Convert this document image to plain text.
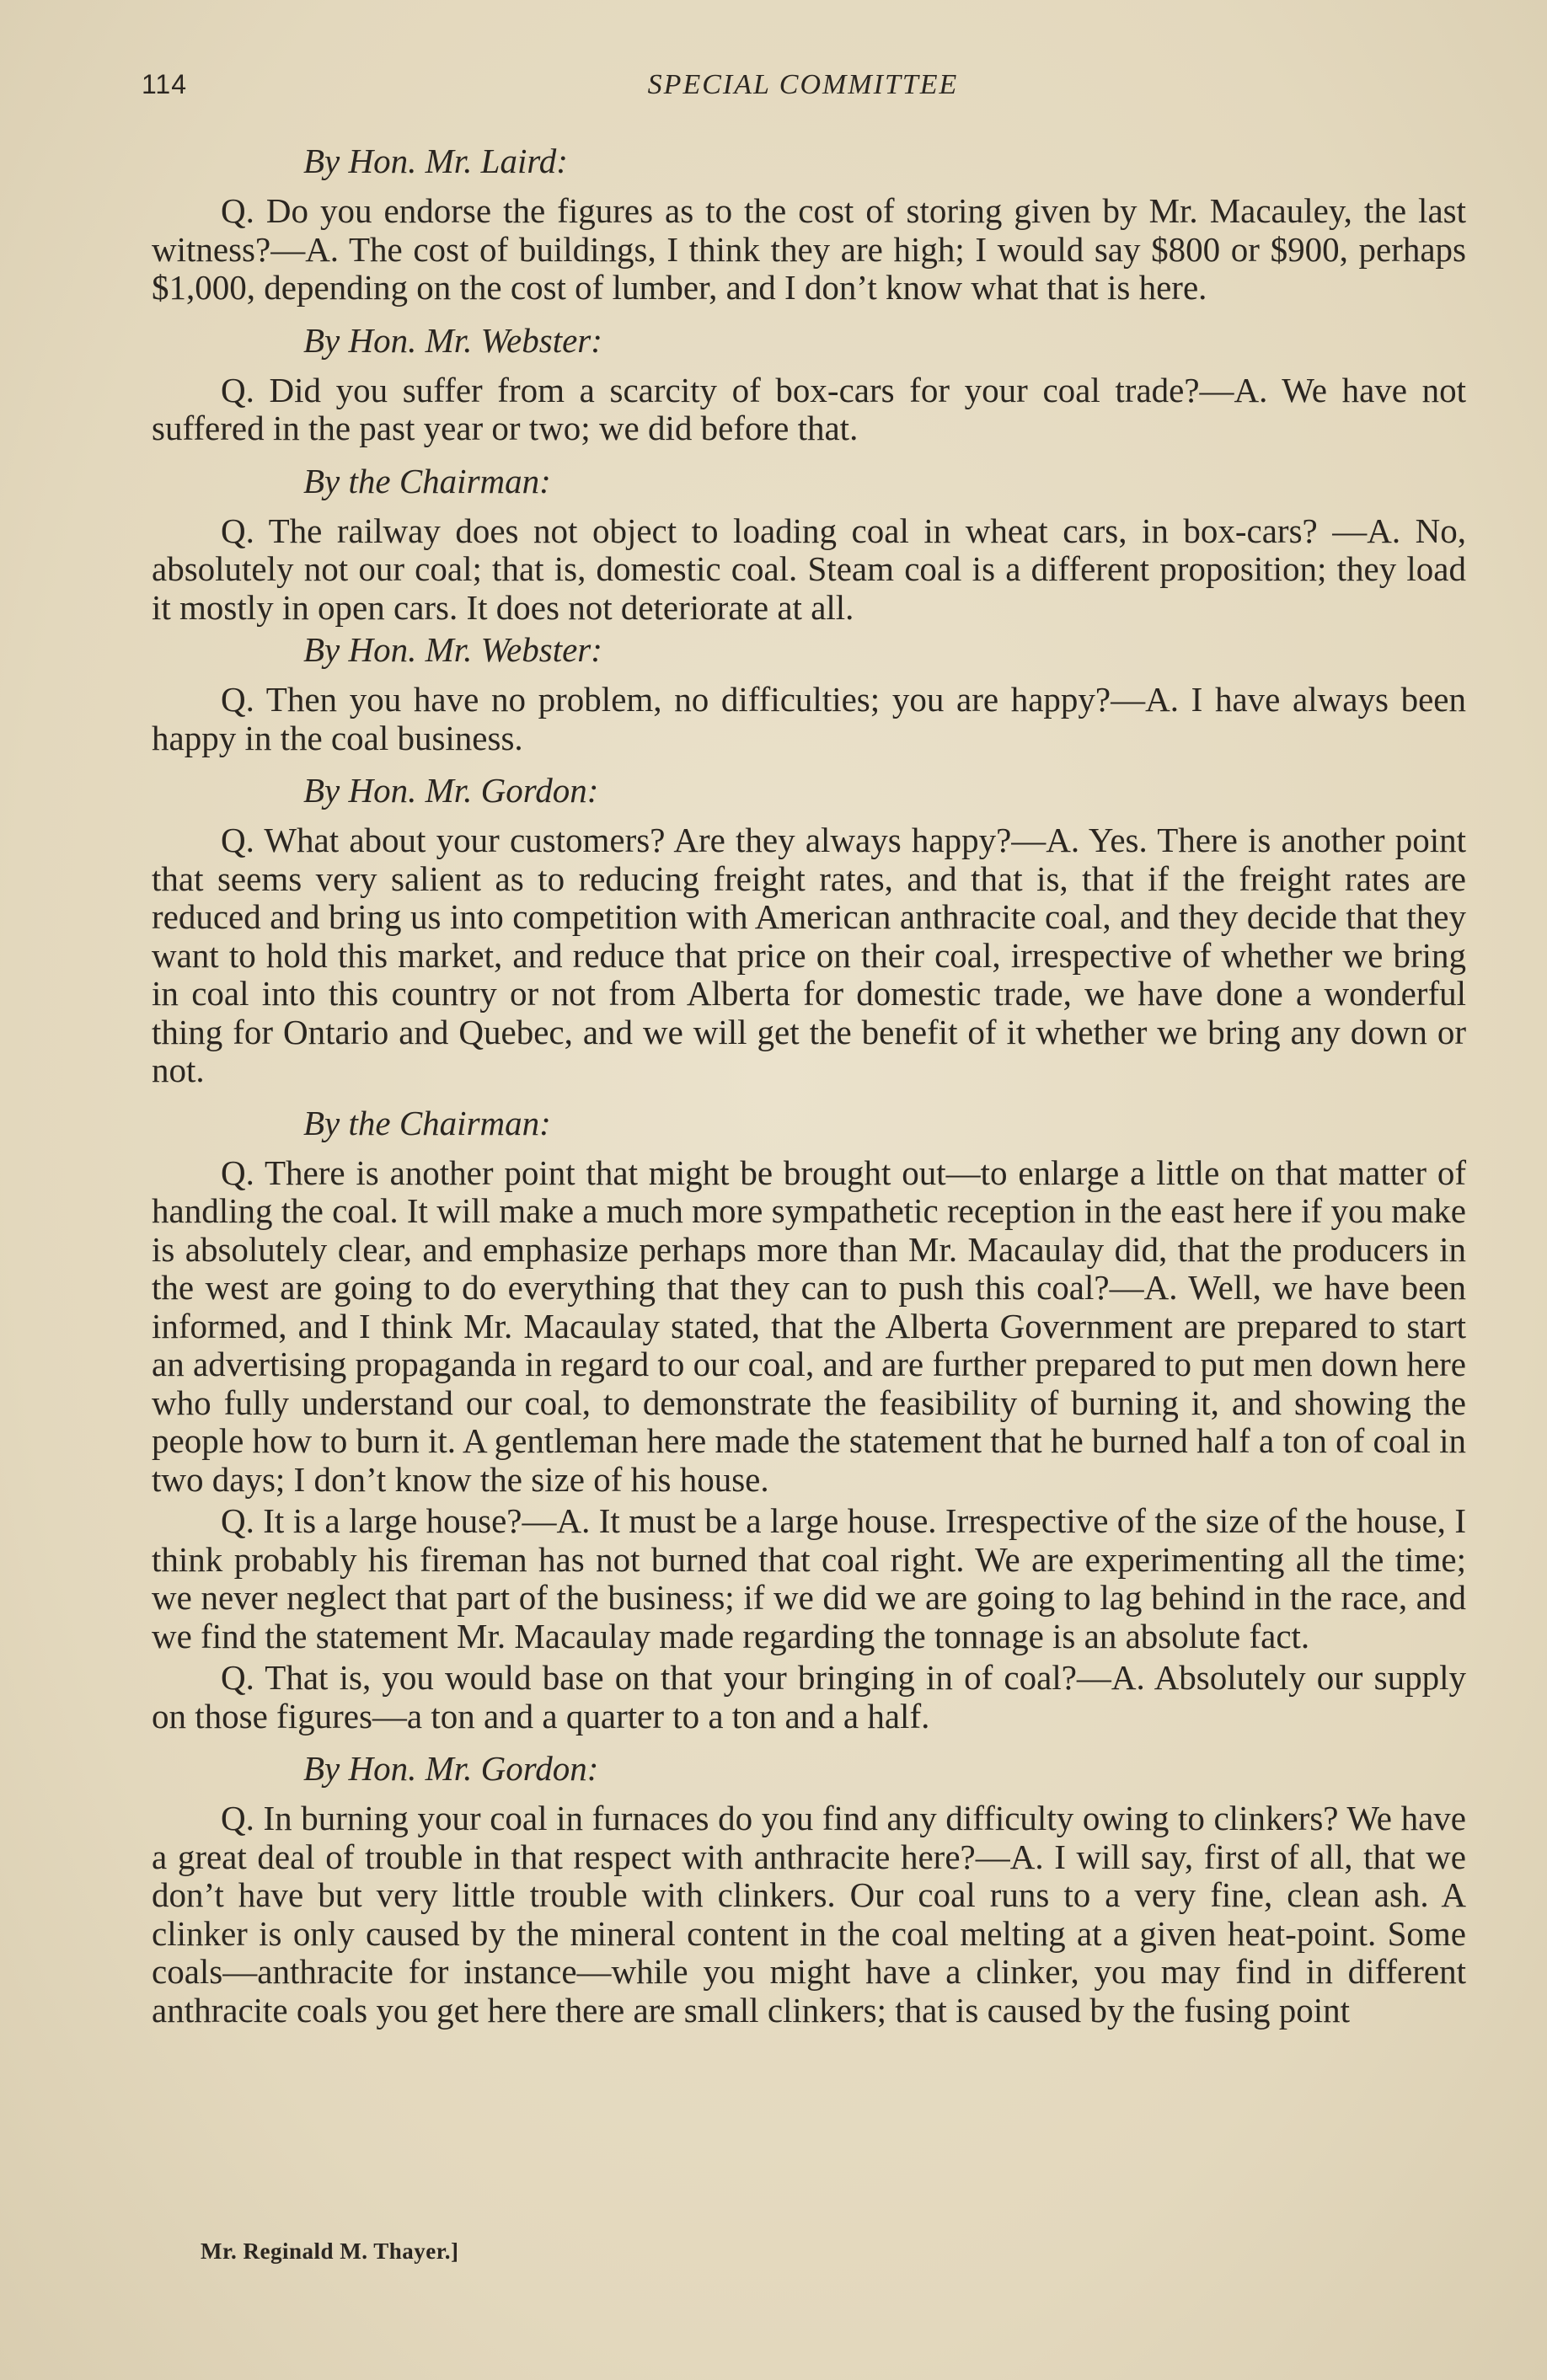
114	SPECIAL COMMITTEE
By Hon. Mr. Laird:

Q. Do you endorse the figures as to the cost of storing given by Mr. Macauley, the last witness?—A. The cost of buildings, I think they are high; I would say $800 or $900, perhaps $1,000, depending on the cost of lumber, and I don’t know what that is here.

By Hon. Mr. Webster:

Q. Did you suffer from a scarcity of box-cars for your coal trade?—A. We have not suffered in the past year or two; we did before that.

By the Chairman:

Q. The railway does not object to loading coal in wheat cars, in box-cars? —A. No, absolutely not our coal; that is, domestic coal. Steam coal is a different proposition; they load it mostly in open cars. It does not deteriorate at all.

By Hon. Mr. Webster:

Q. Then you have no problem, no difficulties; you are happy?—A. I have always been happy in the coal business.

By Hon. Mr. Gordon:

Q. What about your customers? Are they always happy?—A. Yes. There is another point that seems very salient as to reducing freight rates, and that is, that if the freight rates are reduced and bring us into competition with American anthracite coal, and they decide that they want to hold this market, and reduce that price on their coal, irrespective of whether we bring in coal into this country or not from Alberta for domestic trade, we have done a wonderful thing for Ontario and Quebec, and we will get the benefit of it whether we bring any down or not.

By the Chairman:

Q. There is another point that might be brought out—to enlarge a little on that matter of handling the coal. It will make a much more sympathetic reception in the east here if you make is absolutely clear, and emphasize perhaps more than Mr. Macaulay did, that the producers in the west are going to do everything that they can to push this coal?—A. Well, we have been informed, and I think Mr. Macaulay stated, that the Alberta Government are prepared to start an advertising propaganda in regard to our coal, and are further prepared to put men down here who fully understand our coal, to demonstrate the feasibility of burning it, and showing the people how to burn it. A gentleman here made the statement that he burned half a ton of coal in two days; I don’t know the size of his house.

Q. It is a large house?—A. It must be a large house. Irrespective of the size of the house, I think probably his fireman has not burned that coal right. We are experimenting all the time; we never neglect that part of the business; if we did we are going to lag behind in the race, and we find the statement Mr. Macaulay made regarding the tonnage is an absolute fact.

Q. That is, you would base on that your bringing in of coal?—A. Absolutely our supply on those figures—a ton and a quarter to a ton and a half.

By Hon. Mr. Gordon:

Q. In burning your coal in furnaces do you find any difficulty owing to clinkers? We have a great deal of trouble in that respect with anthracite here?—A. I will say, first of all, that we don’t have but very little trouble with clinkers. Our coal runs to a very fine, clean ash. A clinker is only caused by the mineral content in the coal melting at a given heat-point. Some coals—anthracite for instance—while you might have a clinker, you may find in different anthracite coals you get here there are small clinkers; that is caused by the fusing point

Mr. Reginald M. Thayer.]
